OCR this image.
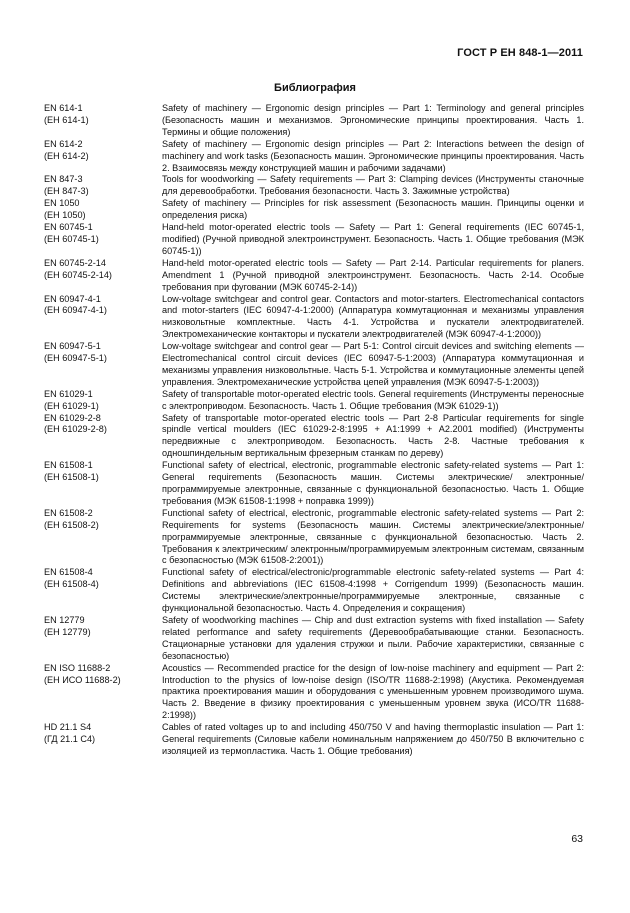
ГОСТ Р ЕН 848-1—2011
Библиография
EN 614-1
(ЕН 614-1)
Safety of machinery — Ergonomic design principles — Part 1: Terminology and general principles (Безопасность машин и механизмов. Эргономические принципы проектирования. Часть 1. Термины и общие положения)
EN 614-2
(ЕН 614-2)
Safety of machinery — Ergonomic design principles — Part 2: Interactions between the design of machinery and work tasks (Безопасность машин. Эргономические принципы проектирования. Часть 2. Взаимосвязь между конструкцией машин и рабочими задачами)
EN 847-3
(ЕН 847-3)
Tools for woodworking — Safety requirements — Part 3: Clamping devices (Инструменты станочные для деревообработки. Требования безопасности. Часть 3. Зажимные устройства)
EN 1050
(ЕН 1050)
Safety of machinery — Principles for risk assessment (Безопасность машин. Принципы оценки и определения риска)
EN 60745-1
(ЕН 60745-1)
Hand-held motor-operated electric tools — Safety — Part 1: General requirements (IEC 60745-1, modified) (Ручной приводной электроинструмент. Безопасность. Часть 1. Общие требования (МЭК 60745-1))
EN 60745-2-14
(ЕН 60745-2-14)
Hand-held motor-operated electric tools — Safety — Part 2-14. Particular requirements for planers. Amendment 1 (Ручной приводной электроинструмент. Безопасность. Часть 2-14. Особые требования при фуговании (МЭК 60745-2-14))
EN 60947-4-1
(ЕН 60947-4-1)
Low-voltage switchgear and control gear. Contactors and motor-starters. Electromechanical contactors and motor-starters (IEC 60947-4-1:2000) (Аппаратура коммутационная и механизмы управления низковольтные комплектные. Часть 4-1. Устройства и пускатели электродвигателей. Электромеханические контакторы и пускатели электродвигателей (МЭК 60947-4-1:2000))
EN 60947-5-1
(ЕН 60947-5-1)
Low-voltage switchgear and control gear — Part 5-1: Control circuit devices and switching elements — Electromechanical control circuit devices (IEC 60947-5-1:2003) (Аппаратура коммутационная и механизмы управления низковольтные. Часть 5-1. Устройства и коммутационные элементы цепей управления. Электромеханические устройства цепей управления (МЭК 60947-5-1:2003))
EN 61029-1
(ЕН 61029-1)
Safety of transportable motor-operated electric tools. General requirements (Инструменты переносные с электроприводом. Безопасность. Часть 1. Общие требования (МЭК 61029-1))
EN 61029-2-8
(ЕН 61029-2-8)
Safety of transportable motor-operated electric tools — Part 2-8 Particular requirements for single spindle vertical moulders (IEC 61029-2-8:1995 + A1:1999 + A2.2001 modified) (Инструменты передвижные с электроприводом. Безопасность. Часть 2-8. Частные требования к одношпиндельным вертикальным фрезерным станкам по дереву)
EN 61508-1
(ЕН 61508-1)
Functional safety of electrical, electronic, programmable electronic safety-related systems — Part 1: General requirements (Безопасность машин. Системы электрические/ электронные/ программируемые электронные, связанные с функциональной безопасностью. Часть 1. Общие требования (МЭК 61508-1:1998 + поправка 1999))
EN 61508-2
(ЕН 61508-2)
Functional safety of electrical, electronic, programmable electronic safety-related systems — Part 2: Requirements for systems (Безопасность машин. Системы электрические/электронные/программируемые электронные, связанные с функциональной безопасностью. Часть 2. Требования к электрическим/ электронным/программируемым электронным системам, связанным с безопасностью (МЭК 61508-2:2001))
EN 61508-4
(ЕН 61508-4)
Functional safety of electrical/electronic/programmable electronic safety-related systems — Part 4: Definitions and abbreviations (IEC 61508-4:1998 + Corrigendum 1999) (Безопасность машин. Системы электрические/электронные/программируемые электронные, связанные с функциональной безопасностью. Часть 4. Определения и сокращения)
EN 12779
(ЕН 12779)
Safety of woodworking machines — Chip and dust extraction systems with fixed installation — Safety related performance and safety requirements (Деревообрабатывающие станки. Безопасность. Стационарные установки для удаления стружки и пыли. Рабочие характеристики, связанные с безопасностью)
EN ISO 11688-2
(ЕН ИСО 11688-2)
Acoustics — Recommended practice for the design of low-noise machinery and equipment — Part 2: Introduction to the physics of low-noise design (ISO/TR 11688-2:1998) (Акустика. Рекомендуемая практика проектирования машин и оборудования с уменьшенным уровнем производимого шума. Часть 2. Введение в физику проектирования с уменьшенным уровнем звука (ИСО/TR 11688-2:1998))
HD 21.1 S4
(ГД 21.1 С4)
Cables of rated voltages up to and including 450/750 V and having thermoplastic insulation — Part 1: General requirements (Силовые кабели номинальным напряжением до 450/750 В включительно с изоляцией из термопластика. Часть 1. Общие требования)
63
